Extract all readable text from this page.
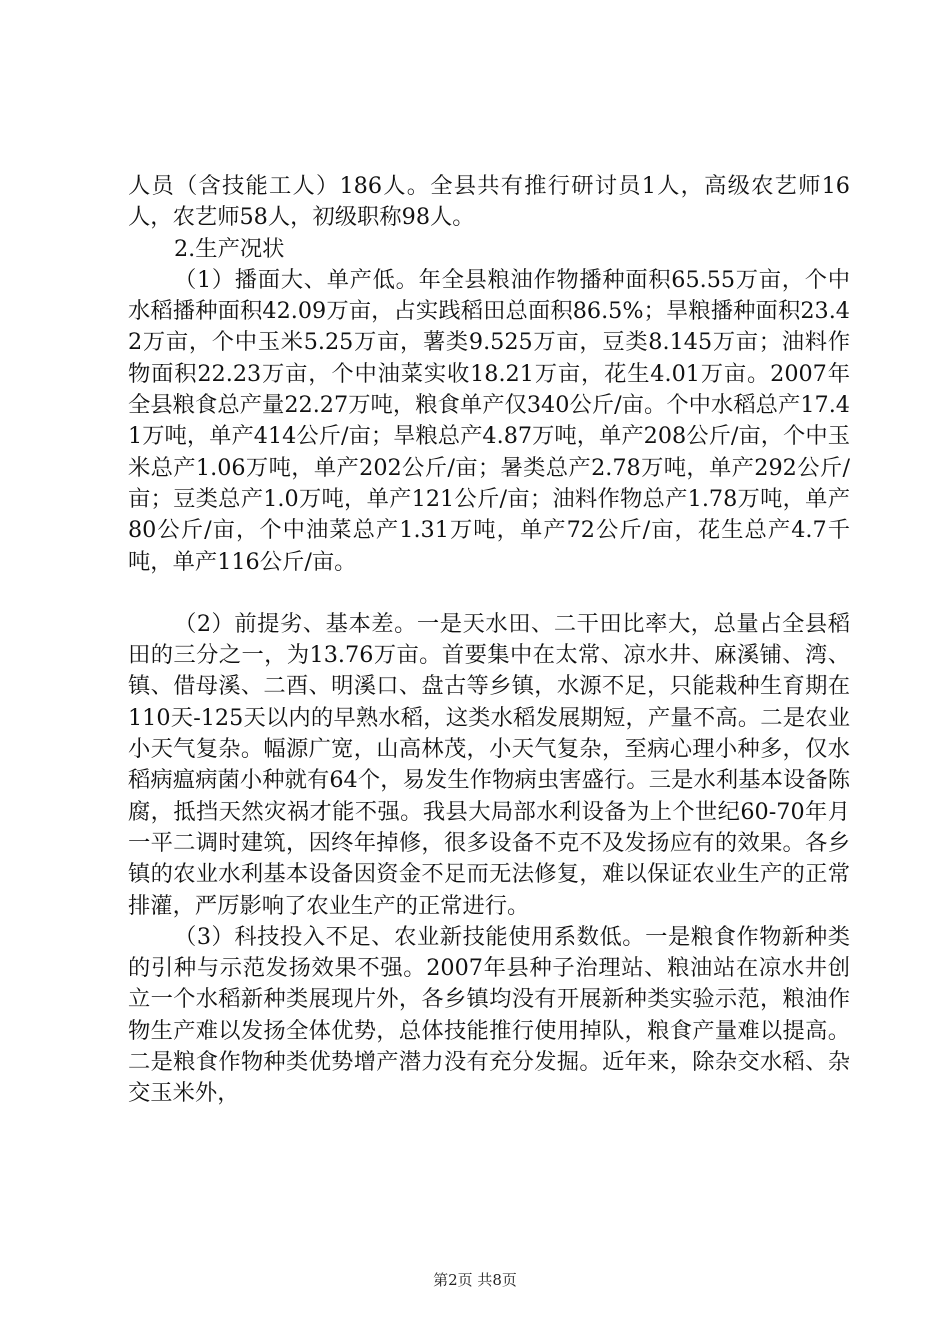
人员（含技能工人）186人。全县共有推行研讨员1人，高级农艺师16人，农艺师58人，初级职称98人。

2.生产况状

（1）播面大、单产低。年全县粮油作物播种面积65.55万亩，个中水稻播种面积42.09万亩，占实践稻田总面积86.5%；旱粮播种面积23.42万亩，个中玉米5.25万亩，薯类9.525万亩，豆类8.145万亩；油料作物面积22.23万亩，个中油菜实收18.21万亩，花生4.01万亩。2007年全县粮食总产量22.27万吨，粮食单产仅340公斤/亩。个中水稻总产17.41万吨，单产414公斤/亩；旱粮总产4.87万吨，单产208公斤/亩，个中玉米总产1.06万吨，单产202公斤/亩；暑类总产2.78万吨，单产292公斤/亩；豆类总产1.0万吨，单产121公斤/亩；油料作物总产1.78万吨，单产80公斤/亩，个中油菜总产1.31万吨，单产72公斤/亩，花生总产4.7千吨，单产116公斤/亩。

（2）前提劣、基本差。一是天水田、二干田比率大，总量占全县稻田的三分之一，为13.76万亩。首要集中在太常、凉水井、麻溪铺、湾、镇、借母溪、二酉、明溪口、盘古等乡镇，水源不足，只能栽种生育期在110天-125天以内的早熟水稻，这类水稻发展期短，产量不高。二是农业小天气复杂。幅源广宽，山高林茂，小天气复杂，至病心理小种多，仅水稻病瘟病菌小种就有64个，易发生作物病虫害盛行。三是水利基本设备陈腐，抵挡天然灾祸才能不强。我县大局部水利设备为上个世纪60-70年月一平二调时建筑，因终年掉修，很多设备不克不及发扬应有的效果。各乡镇的农业水利基本设备因资金不足而无法修复，难以保证农业生产的正常排灌，严厉影响了农业生产的正常进行。

（3）科技投入不足、农业新技能使用系数低。一是粮食作物新种类的引种与示范发扬效果不强。2007年县种子治理站、粮油站在凉水井创立一个水稻新种类展现片外，各乡镇均没有开展新种类实验示范，粮油作物生产难以发扬全体优势，总体技能推行使用掉队，粮食产量难以提高。二是粮食作物种类优势增产潜力没有充分发掘。近年来，除杂交水稻、杂交玉米外，

第2页 共8页
